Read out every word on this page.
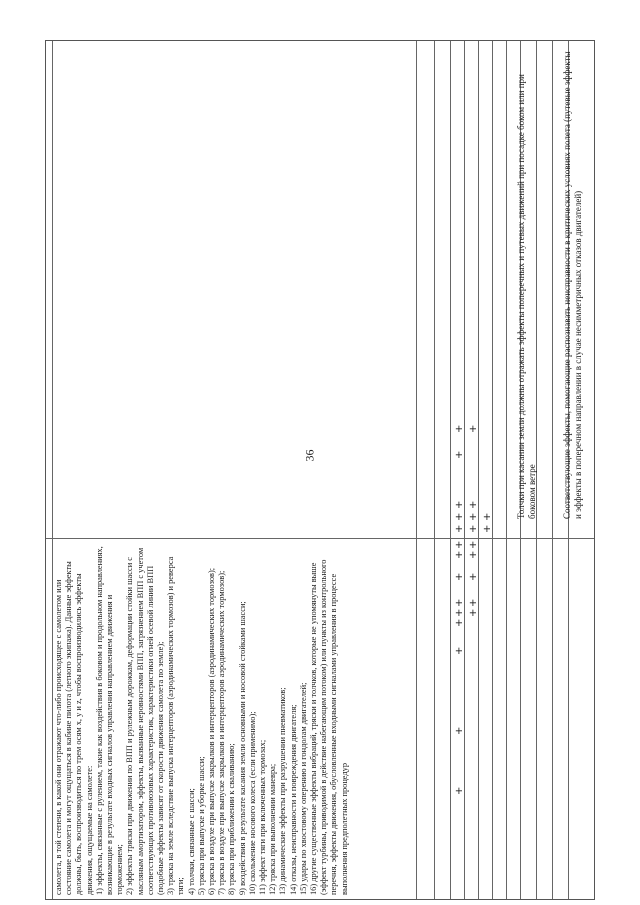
36
самолета, в той степени, в какой они отражают что-либо происходящее с самолетом или состояние самолета и могут ощущаться в кабине пилота (летного экипажа). Данные эффекты должны, быть, воспроизводиться по трем осям x, y и z, чтобы воспроизводились эффекты движения, ощущаемые на самолете:
1) эффекты, связанные с рулением, такие как воздействия в боковом и продольном направлениях, возникающие в результате входных сигналов управления направлением движения и торможением;
2) эффекты тряски при движении по ВПП и рулежным дорожкам, деформации стойки шасси с масляным амортизатором, эффекты, вызванные неровностями ВПП, загрязнением ВПП с учетом соответствующих противоюзовых характеристик, характеристики огней осевой линии ВПП (подобные эффекты зависят от скорости движения самолета по земле);
3) тряска на земле вследствие выпуска интерцепторов (аэродинамических тормозов) и реверса тяги;
4) толчки, связанные с шасси;
5) тряска при выпуске и уборке шасси;
6) тряска в воздухе при выпуске закрылков и интерцепторов (аэродинамических тормозов);
7) тряска в воздухе при выпуске закрылков и интерцепторов аэродинамических тормозов);
8) тряска при приближении к сваливанию;
9) воздействия в результате касания земли основными и носовой стойками шасси;
10) скольжение носового колеса (если применимо);
11) эффект тяги при включенных тормозах;
12) тряска при выполнении маневра;
13) динамические эффекты при разрушении пневматиков;
14) отказы, неисправности и повреждения двигателя;
15) удары по хвостовому оперению и гондолам двигателей;
16) другие существенные эффекты вибраций, тряски и толчков, которые не упомянуты выше (эффект турбины, приводимой в действие набегающим потоком) или пункты из контрольного перечня, эффекты движения, обусловленные входными сигналами управления в процессе выполнения предполетных процедур
Толчки при касании земли должны отражать эффекты поперечных и путевых движений при посадке боком или при боковом ветре	Соответствующие эффекты, помогающие распознавать неисправности в критических условиях полета (путевые эффекты и эффекты в поперечном направлении в случае несимметричных отказов двигателей)
+
+
+
+
+
+
+
+
+
+
+
+
+
+
+
+
+
+
+
+
+
+
+
+
+
